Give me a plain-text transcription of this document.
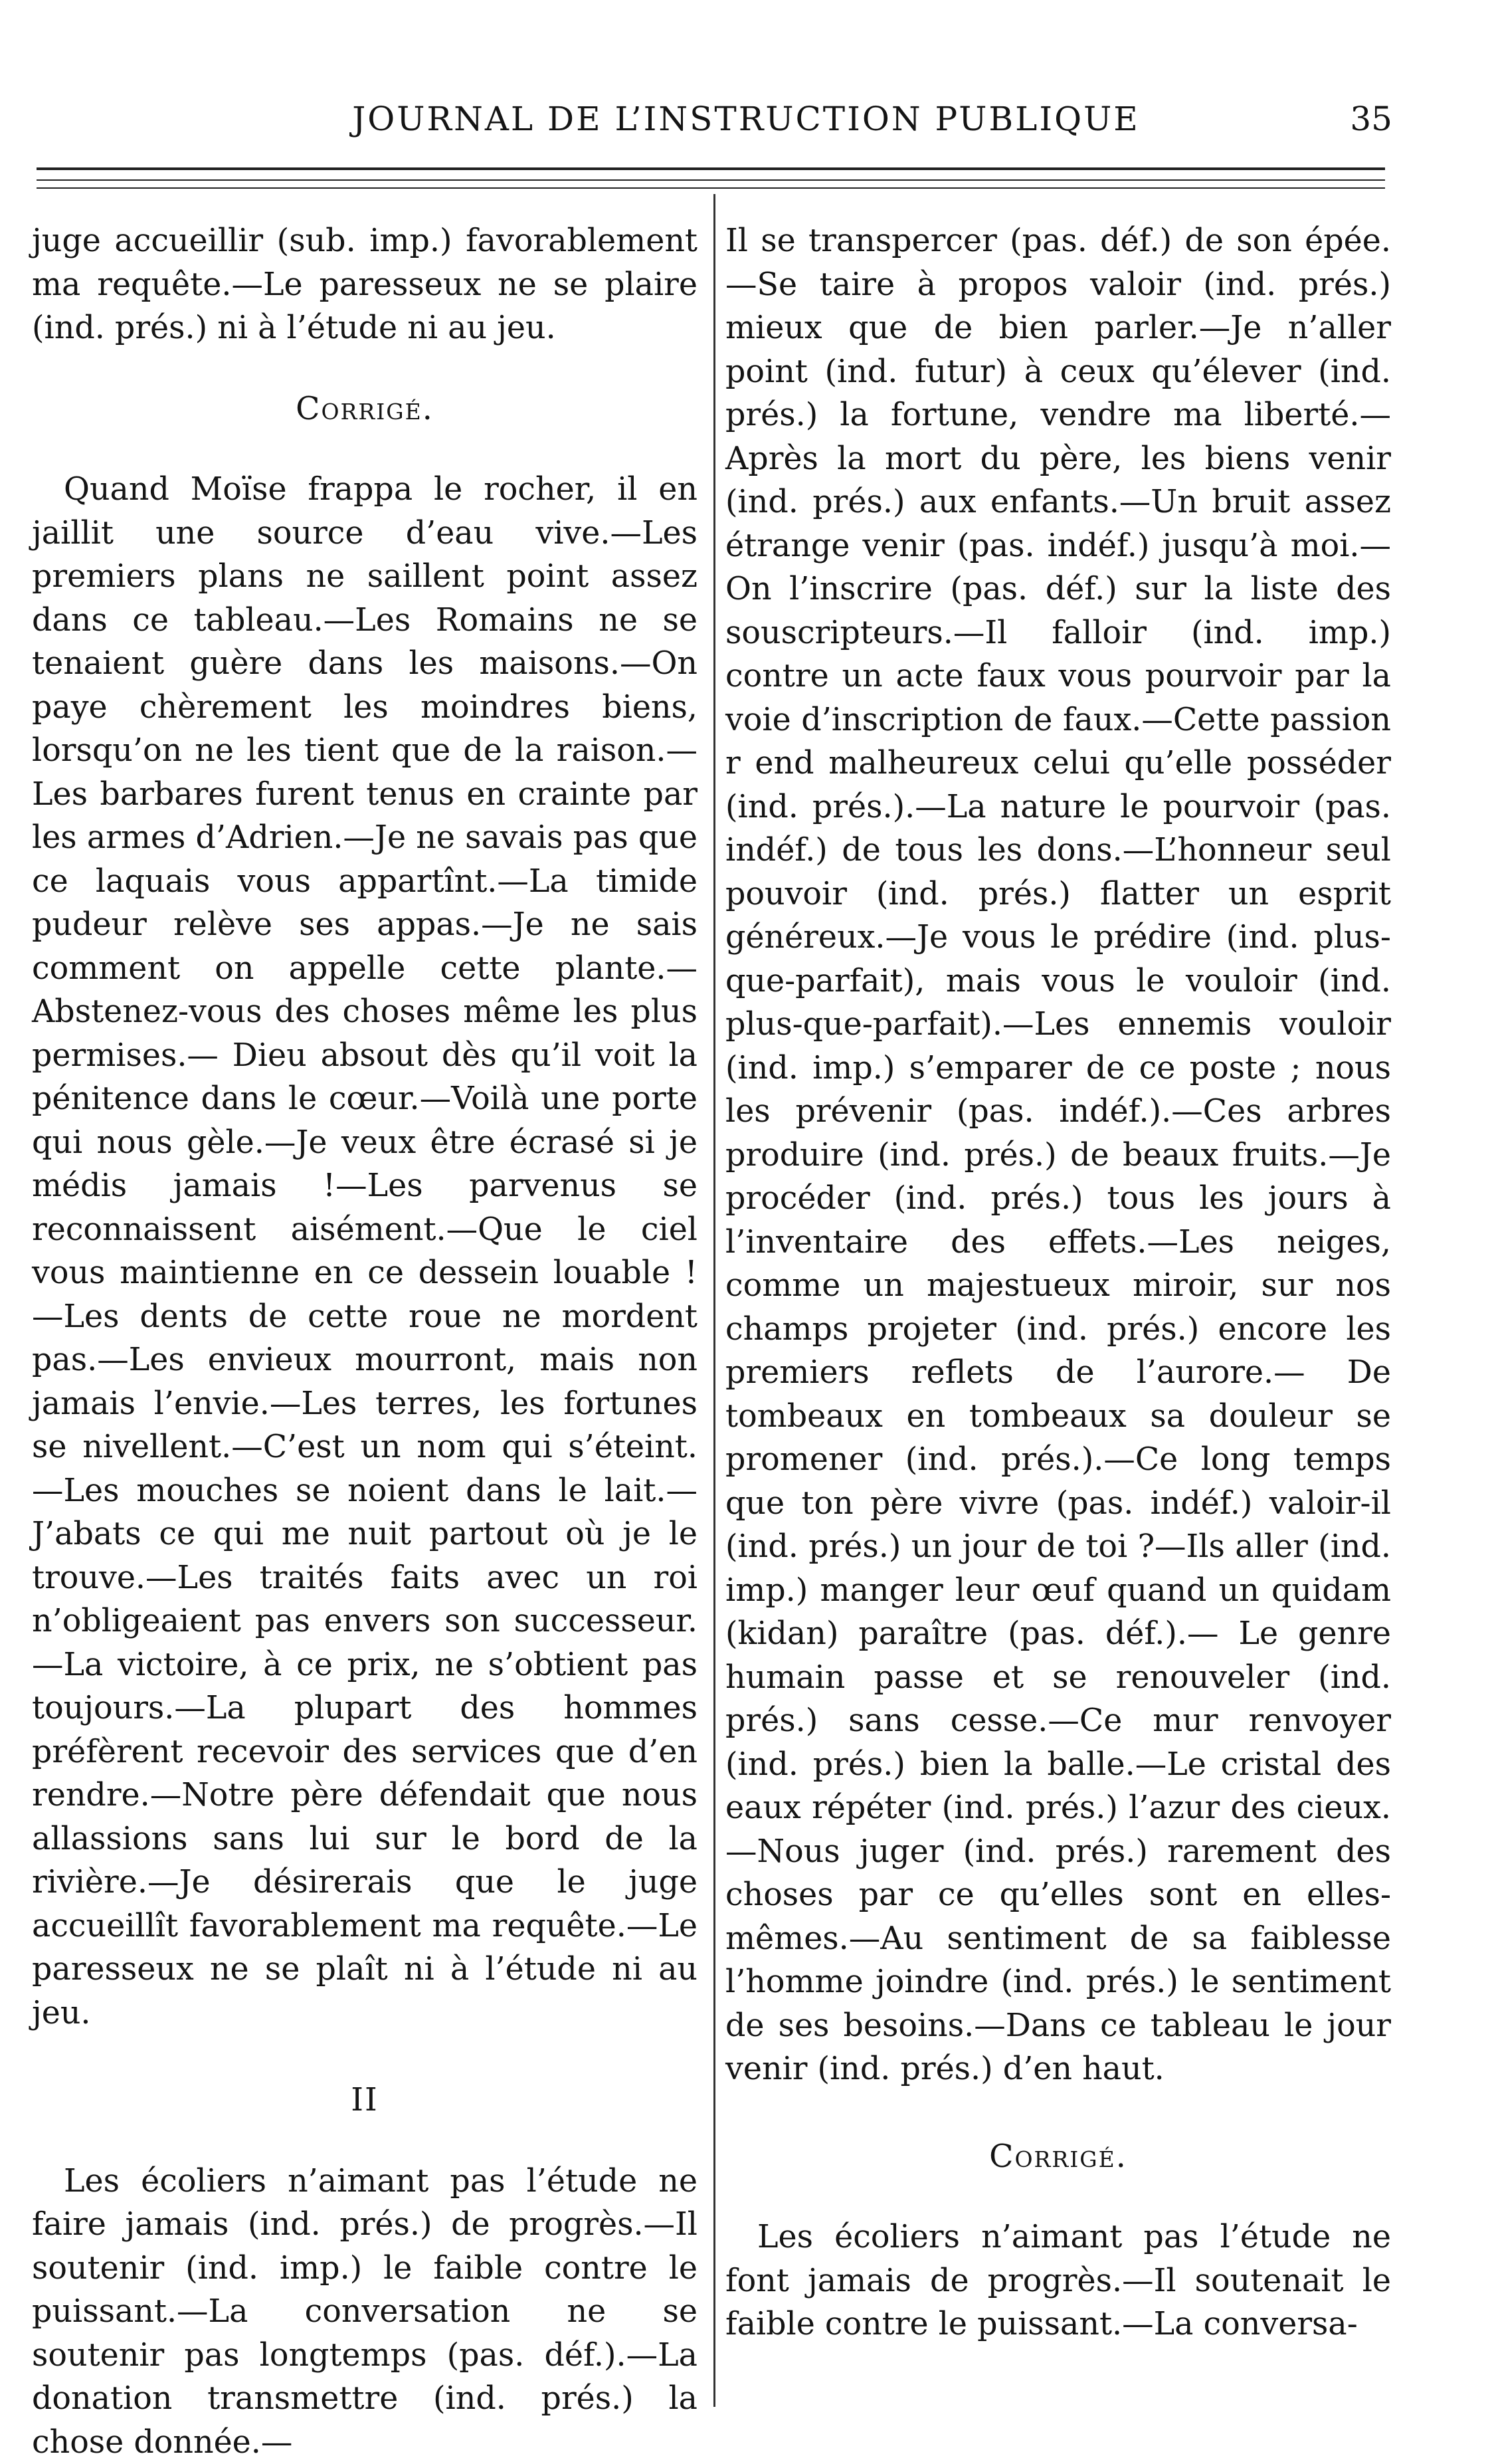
JOURNAL DE L’INSTRUCTION PUBLIQUE	35

juge accueillir (sub. imp.) favorablement ma requête.—Le paresseux ne se plaire (ind. prés.) ni à l’étude ni au jeu.

Corrigé.

Quand Moïse frappa le rocher, il en jaillit une source d’eau vive.—Les premiers plans ne saillent point assez dans ce tableau.—Les Romains ne se tenaient guère dans les maisons.—On paye chèrement les moindres biens, lorsqu’on ne les tient que de la raison.—Les barbares furent tenus en crainte par les armes d’Adrien.—Je ne savais pas que ce laquais vous appartînt.—La timide pudeur relève ses appas.—Je ne sais comment on appelle cette plante.—Abstenez-vous des choses même les plus permises.— Dieu absout dès qu’il voit la pénitence dans le cœur.—Voilà une porte qui nous gèle.—Je veux être écrasé si je médis jamais !—Les parvenus se reconnaissent aisément.—Que le ciel vous maintienne en ce dessein louable !—Les dents de cette roue ne mordent pas.—Les envieux mourront, mais non jamais l’envie.—Les terres, les fortunes se nivellent.—C’est un nom qui s’éteint.—Les mouches se noient dans le lait.—J’abats ce qui me nuit partout où je le trouve.—Les traités faits avec un roi n’obligeaient pas envers son successeur.—La victoire, à ce prix, ne s’obtient pas toujours.—La plupart des hommes préfèrent recevoir des services que d’en rendre.—Notre père défendait que nous allassions sans lui sur le bord de la rivière.—Je désirerais que le juge accueillît favorablement ma requête.—Le paresseux ne se plaît ni à l’étude ni au jeu.

II

Les écoliers n’aimant pas l’étude ne faire jamais (ind. prés.) de progrès.—Il soutenir (ind. imp.) le faible contre le puissant.—La conversation ne se soutenir pas longtemps (pas. déf.).—La donation transmettre (ind. prés.) la chose donnée.—

Il se transpercer (pas. déf.) de son épée.—Se taire à propos valoir (ind. prés.) mieux que de bien parler.—Je n’aller point (ind. futur) à ceux qu’élever (ind. prés.) la fortune, vendre ma liberté.—Après la mort du père, les biens venir (ind. prés.) aux enfants.—Un bruit assez étrange venir (pas. indéf.) jusqu’à moi.—On l’inscrire (pas. déf.) sur la liste des souscripteurs.—Il falloir (ind. imp.) contre un acte faux vous pourvoir par la voie d’inscription de faux.—Cette passion r end malheureux celui qu’elle posséder (ind. prés.).—La nature le pourvoir (pas. indéf.) de tous les dons.—L’honneur seul pouvoir (ind. prés.) flatter un esprit généreux.—Je vous le prédire (ind. plus-que-parfait), mais vous le vouloir (ind. plus-que-parfait).—Les ennemis vouloir (ind. imp.) s’emparer de ce poste ; nous les prévenir (pas. indéf.).—Ces arbres produire (ind. prés.) de beaux fruits.—Je procéder (ind. prés.) tous les jours à l’inventaire des effets.—Les neiges, comme un majestueux miroir, sur nos champs projeter (ind. prés.) encore les premiers reflets de l’aurore.— De tombeaux en tombeaux sa douleur se promener (ind. prés.).—Ce long temps que ton père vivre (pas. indéf.) valoir-il (ind. prés.) un jour de toi ?—Ils aller (ind. imp.) manger leur œuf quand un quidam (kidan) paraître (pas. déf.).— Le genre humain passe et se renouveler (ind. prés.) sans cesse.—Ce mur renvoyer (ind. prés.) bien la balle.—Le cristal des eaux répéter (ind. prés.) l’azur des cieux.—Nous juger (ind. prés.) rarement des choses par ce qu’elles sont en elles-mêmes.—Au sentiment de sa faiblesse l’homme joindre (ind. prés.) le sentiment de ses besoins.—Dans ce tableau le jour venir (ind. prés.) d’en haut.

Corrigé.

Les écoliers n’aimant pas l’étude ne font jamais de progrès.—Il soutenait le faible contre le puissant.—La conversa-
